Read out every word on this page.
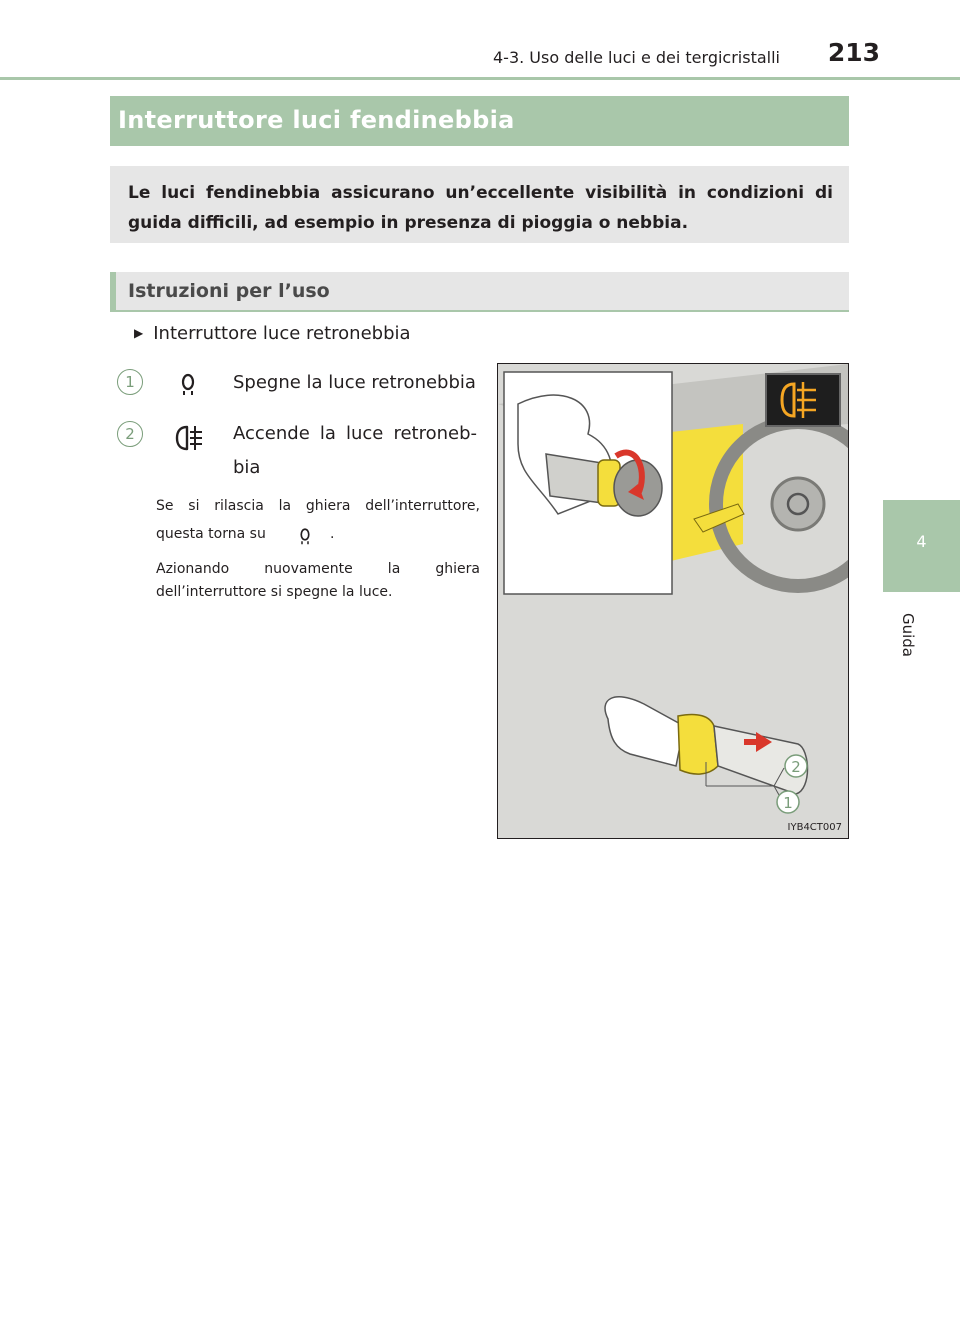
4-3. Uso delle luci e dei tergicristalli	213
4
Guida
Interruttore luci fendinebbia
Le luci fendinebbia assicurano un’eccellente visibilità in condizioni di guida difficili, ad esempio in presenza di pioggia o nebbia.
Istruzioni per l’uso
▶ Interruttore luce retronebbia
1	Spegne la luce retronebbia
2	Accende la luce retroneb-
bia
Se si rilascia la ghiera dell’interruttore,
questa torna su	.
Azionando nuovamente la ghiera
dell’interruttore si spegne la luce.
2
1
IYB4CT007
